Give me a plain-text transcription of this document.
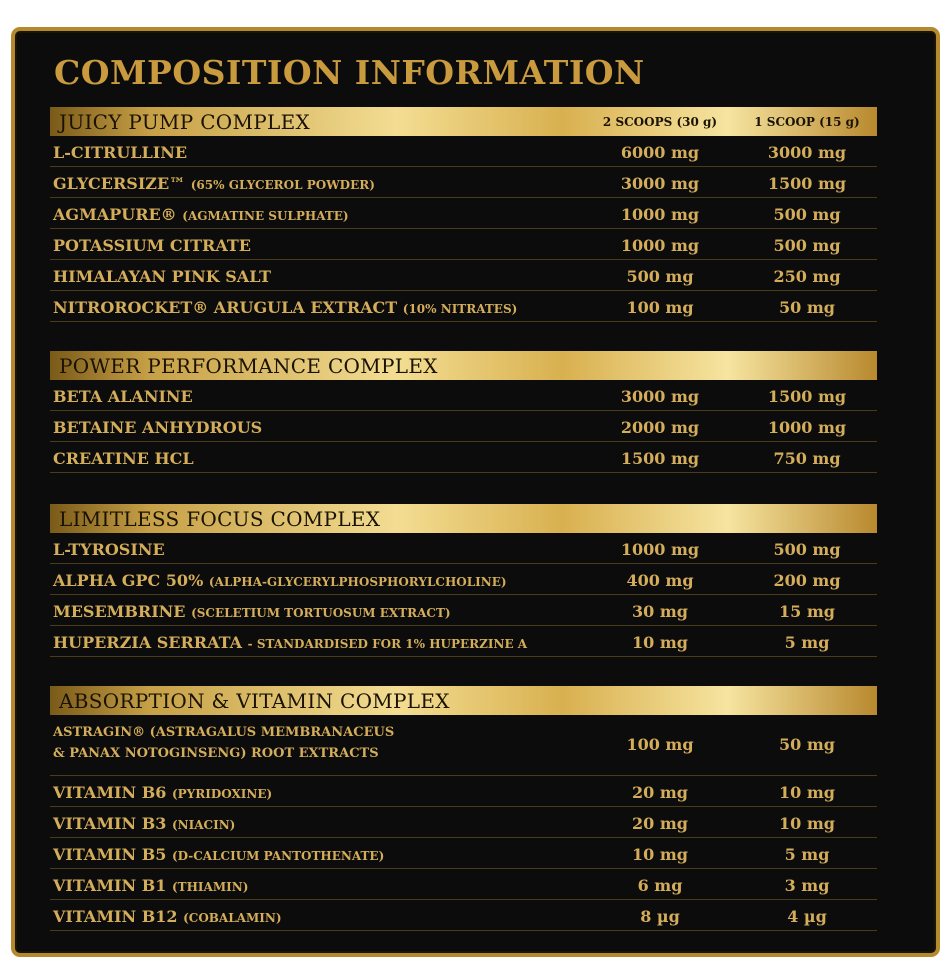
COMPOSITION INFORMATION
JUICY PUMP COMPLEX	2 SCOOPS (30 g)	1 SCOOP (15 g)
L-CITRULLINE	6000 mg	3000 mg
GLYCERSIZE™ (65% GLYCEROL POWDER)	3000 mg	1500 mg
AGMAPURE® (AGMATINE SULPHATE)	1000 mg	500 mg
POTASSIUM CITRATE	1000 mg	500 mg
HIMALAYAN PINK SALT	500 mg	250 mg
NITROROCKET® ARUGULA EXTRACT (10% NITRATES)	100 mg	50 mg
POWER PERFORMANCE COMPLEX
BETA ALANINE	3000 mg	1500 mg
BETAINE ANHYDROUS	2000 mg	1000 mg
CREATINE HCL	1500 mg	750 mg
LIMITLESS FOCUS COMPLEX
L-TYROSINE	1000 mg	500 mg
ALPHA GPC 50% (ALPHA-GLYCERYLPHOSPHORYLCHOLINE)	400 mg	200 mg
MESEMBRINE (SCELETIUM TORTUOSUM EXTRACT)	30 mg	15 mg
HUPERZIA SERRATA - STANDARDISED FOR 1% HUPERZINE A	10 mg	5 mg
ABSORPTION & VITAMIN COMPLEX
ASTRAGIN® (ASTRAGALUS MEMBRANACEUS
& PANAX NOTOGINSENG) ROOT EXTRACTS	100 mg	50 mg
VITAMIN B6 (PYRIDOXINE)	20 mg	10 mg
VITAMIN B3 (NIACIN)	20 mg	10 mg
VITAMIN B5 (D-CALCIUM PANTOTHENATE)	10 mg	5 mg
VITAMIN B1 (THIAMIN)	6 mg	3 mg
VITAMIN B12 (COBALAMIN)	8 µg	4 µg
